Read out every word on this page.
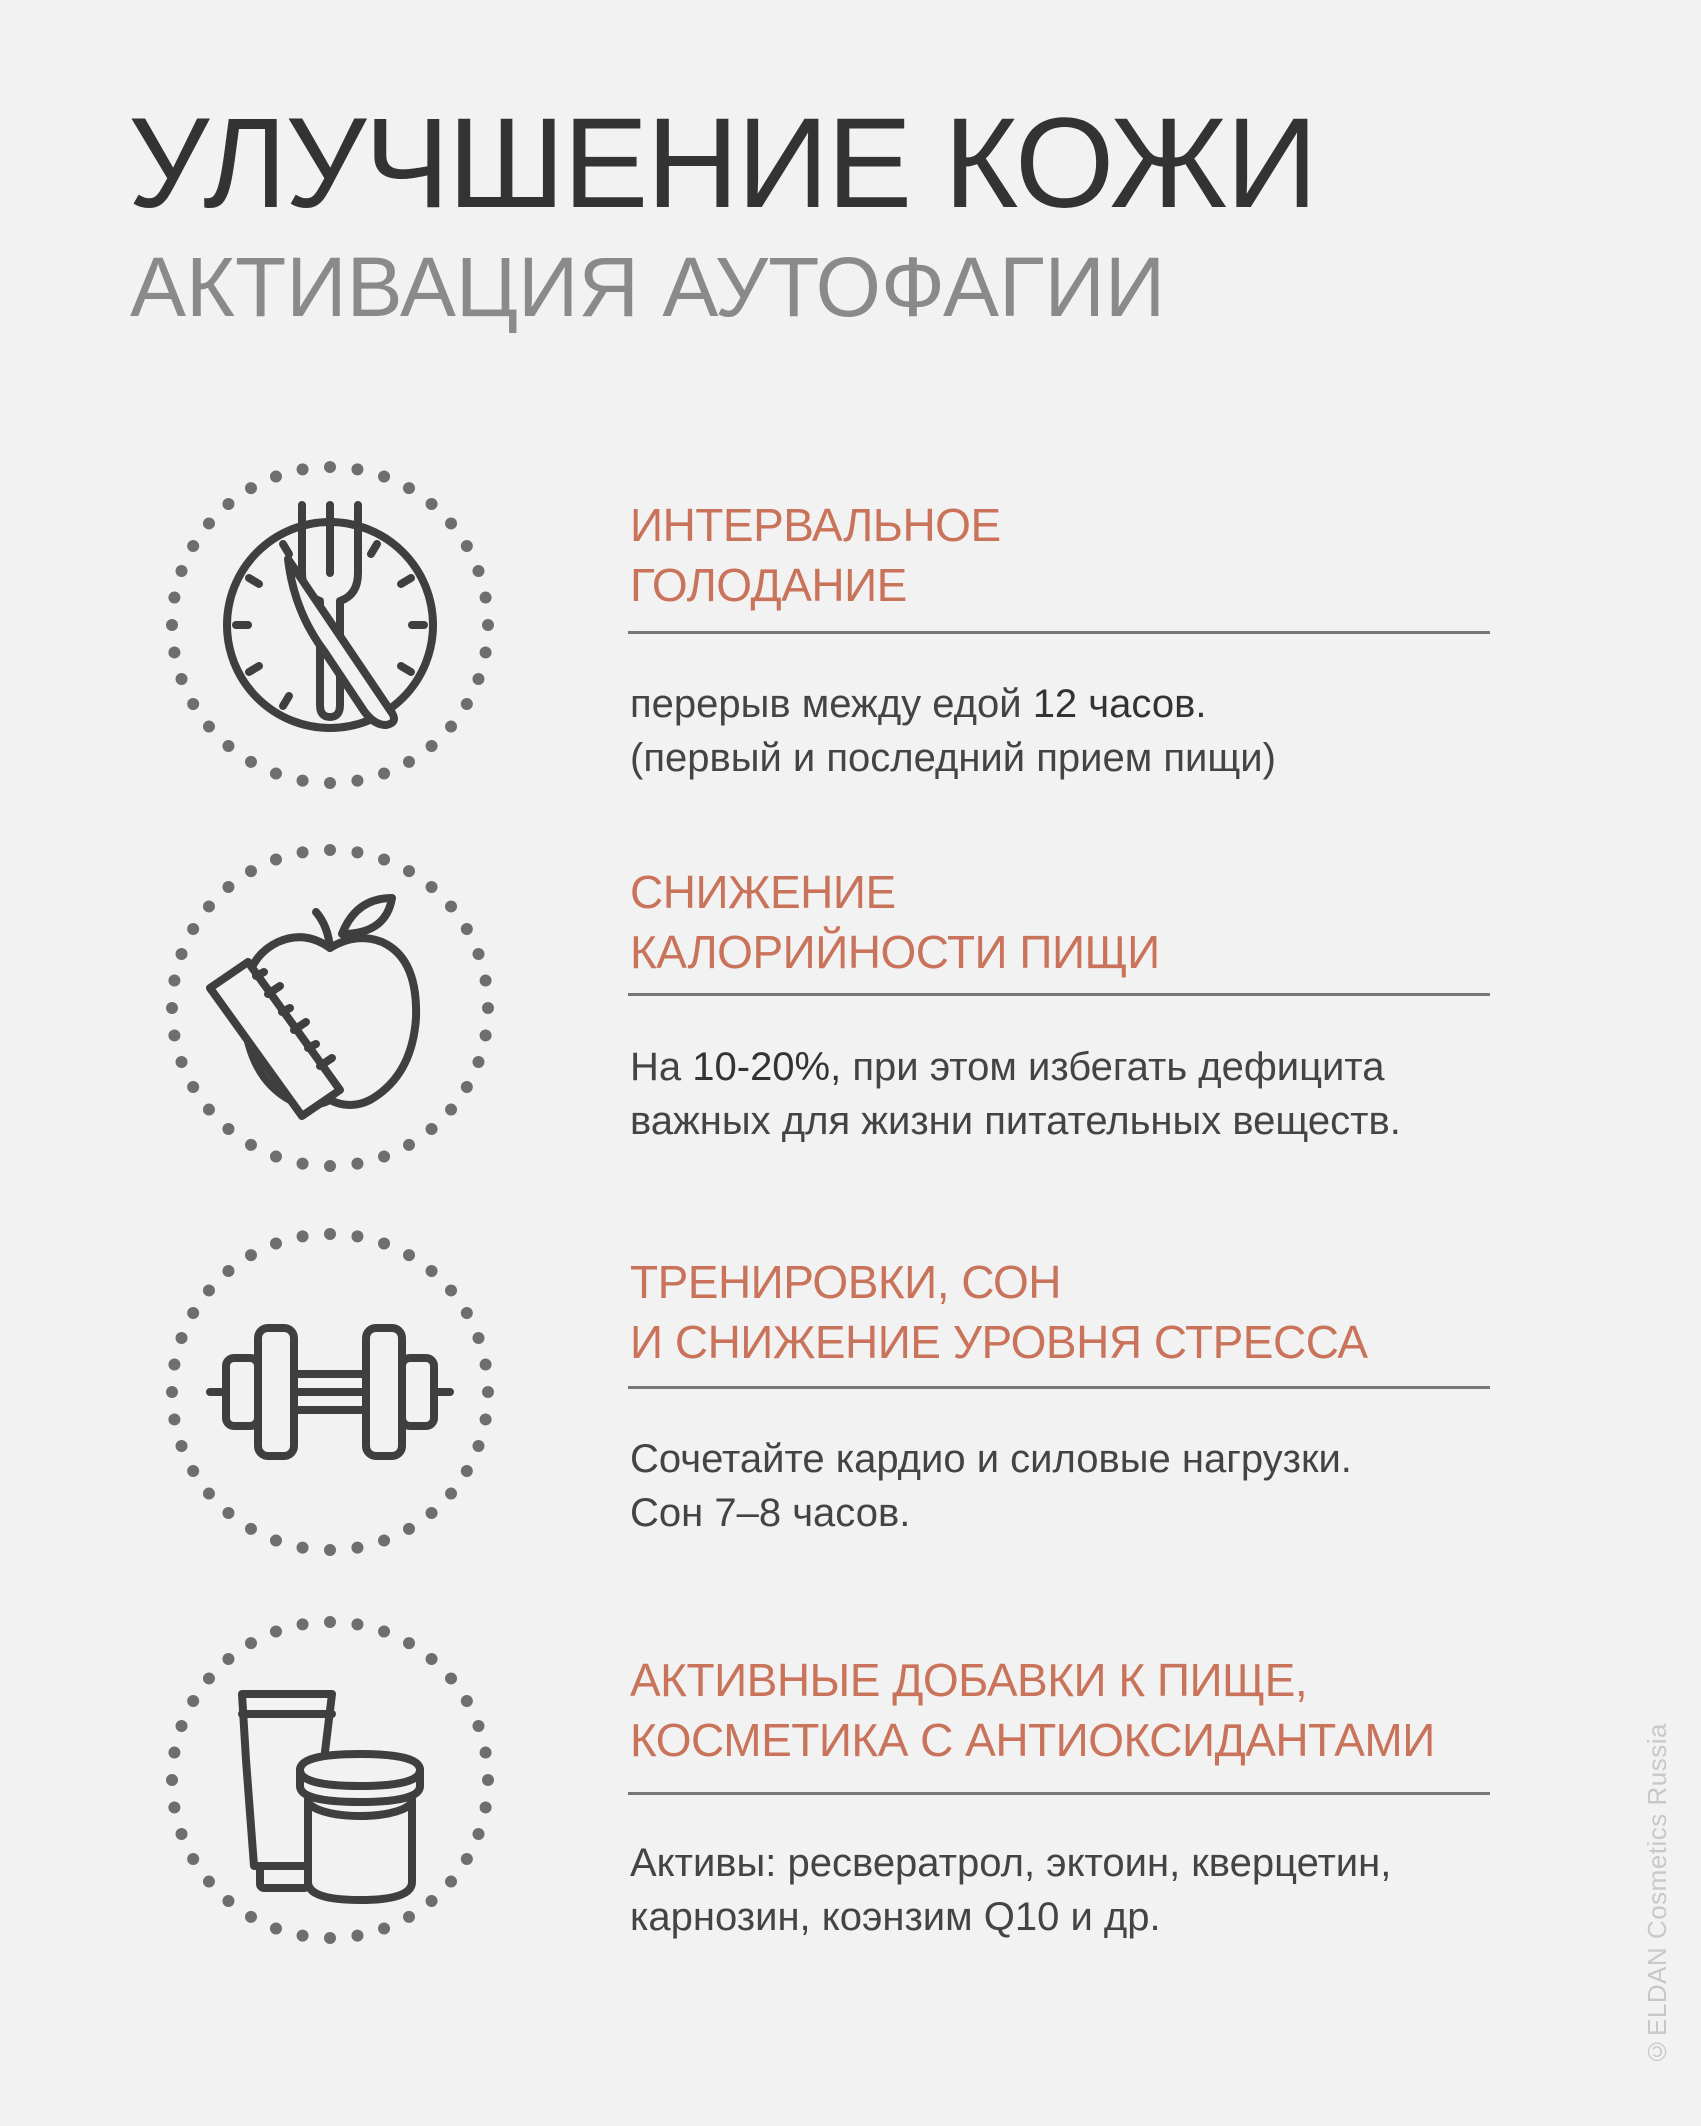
УЛУЧШЕНИЕ КОЖИ
АКТИВАЦИЯ АУТОФАГИИ
ИНТЕРВАЛЬНОЕ
ГОЛОДАНИЕ
перерыв между едой 12 часов.
(первый и последний прием пищи)
СНИЖЕНИЕ
КАЛОРИЙНОСТИ ПИЩИ
На 10-20%, при этом избегать дефицита
важных для жизни питательных веществ.
ТРЕНИРОВКИ, СОН
И СНИЖЕНИЕ УРОВНЯ СТРЕССА
Сочетайте кардио и силовые нагрузки.
Сон 7–8 часов.
АКТИВНЫЕ ДОБАВКИ К ПИЩЕ,
КОСМЕТИКА С АНТИОКСИДАНТАМИ
Активы: ресвератрол, эктоин, кверцетин,
карнозин, коэнзим Q10 и др.	©ELDAN Cosmetics Russia
